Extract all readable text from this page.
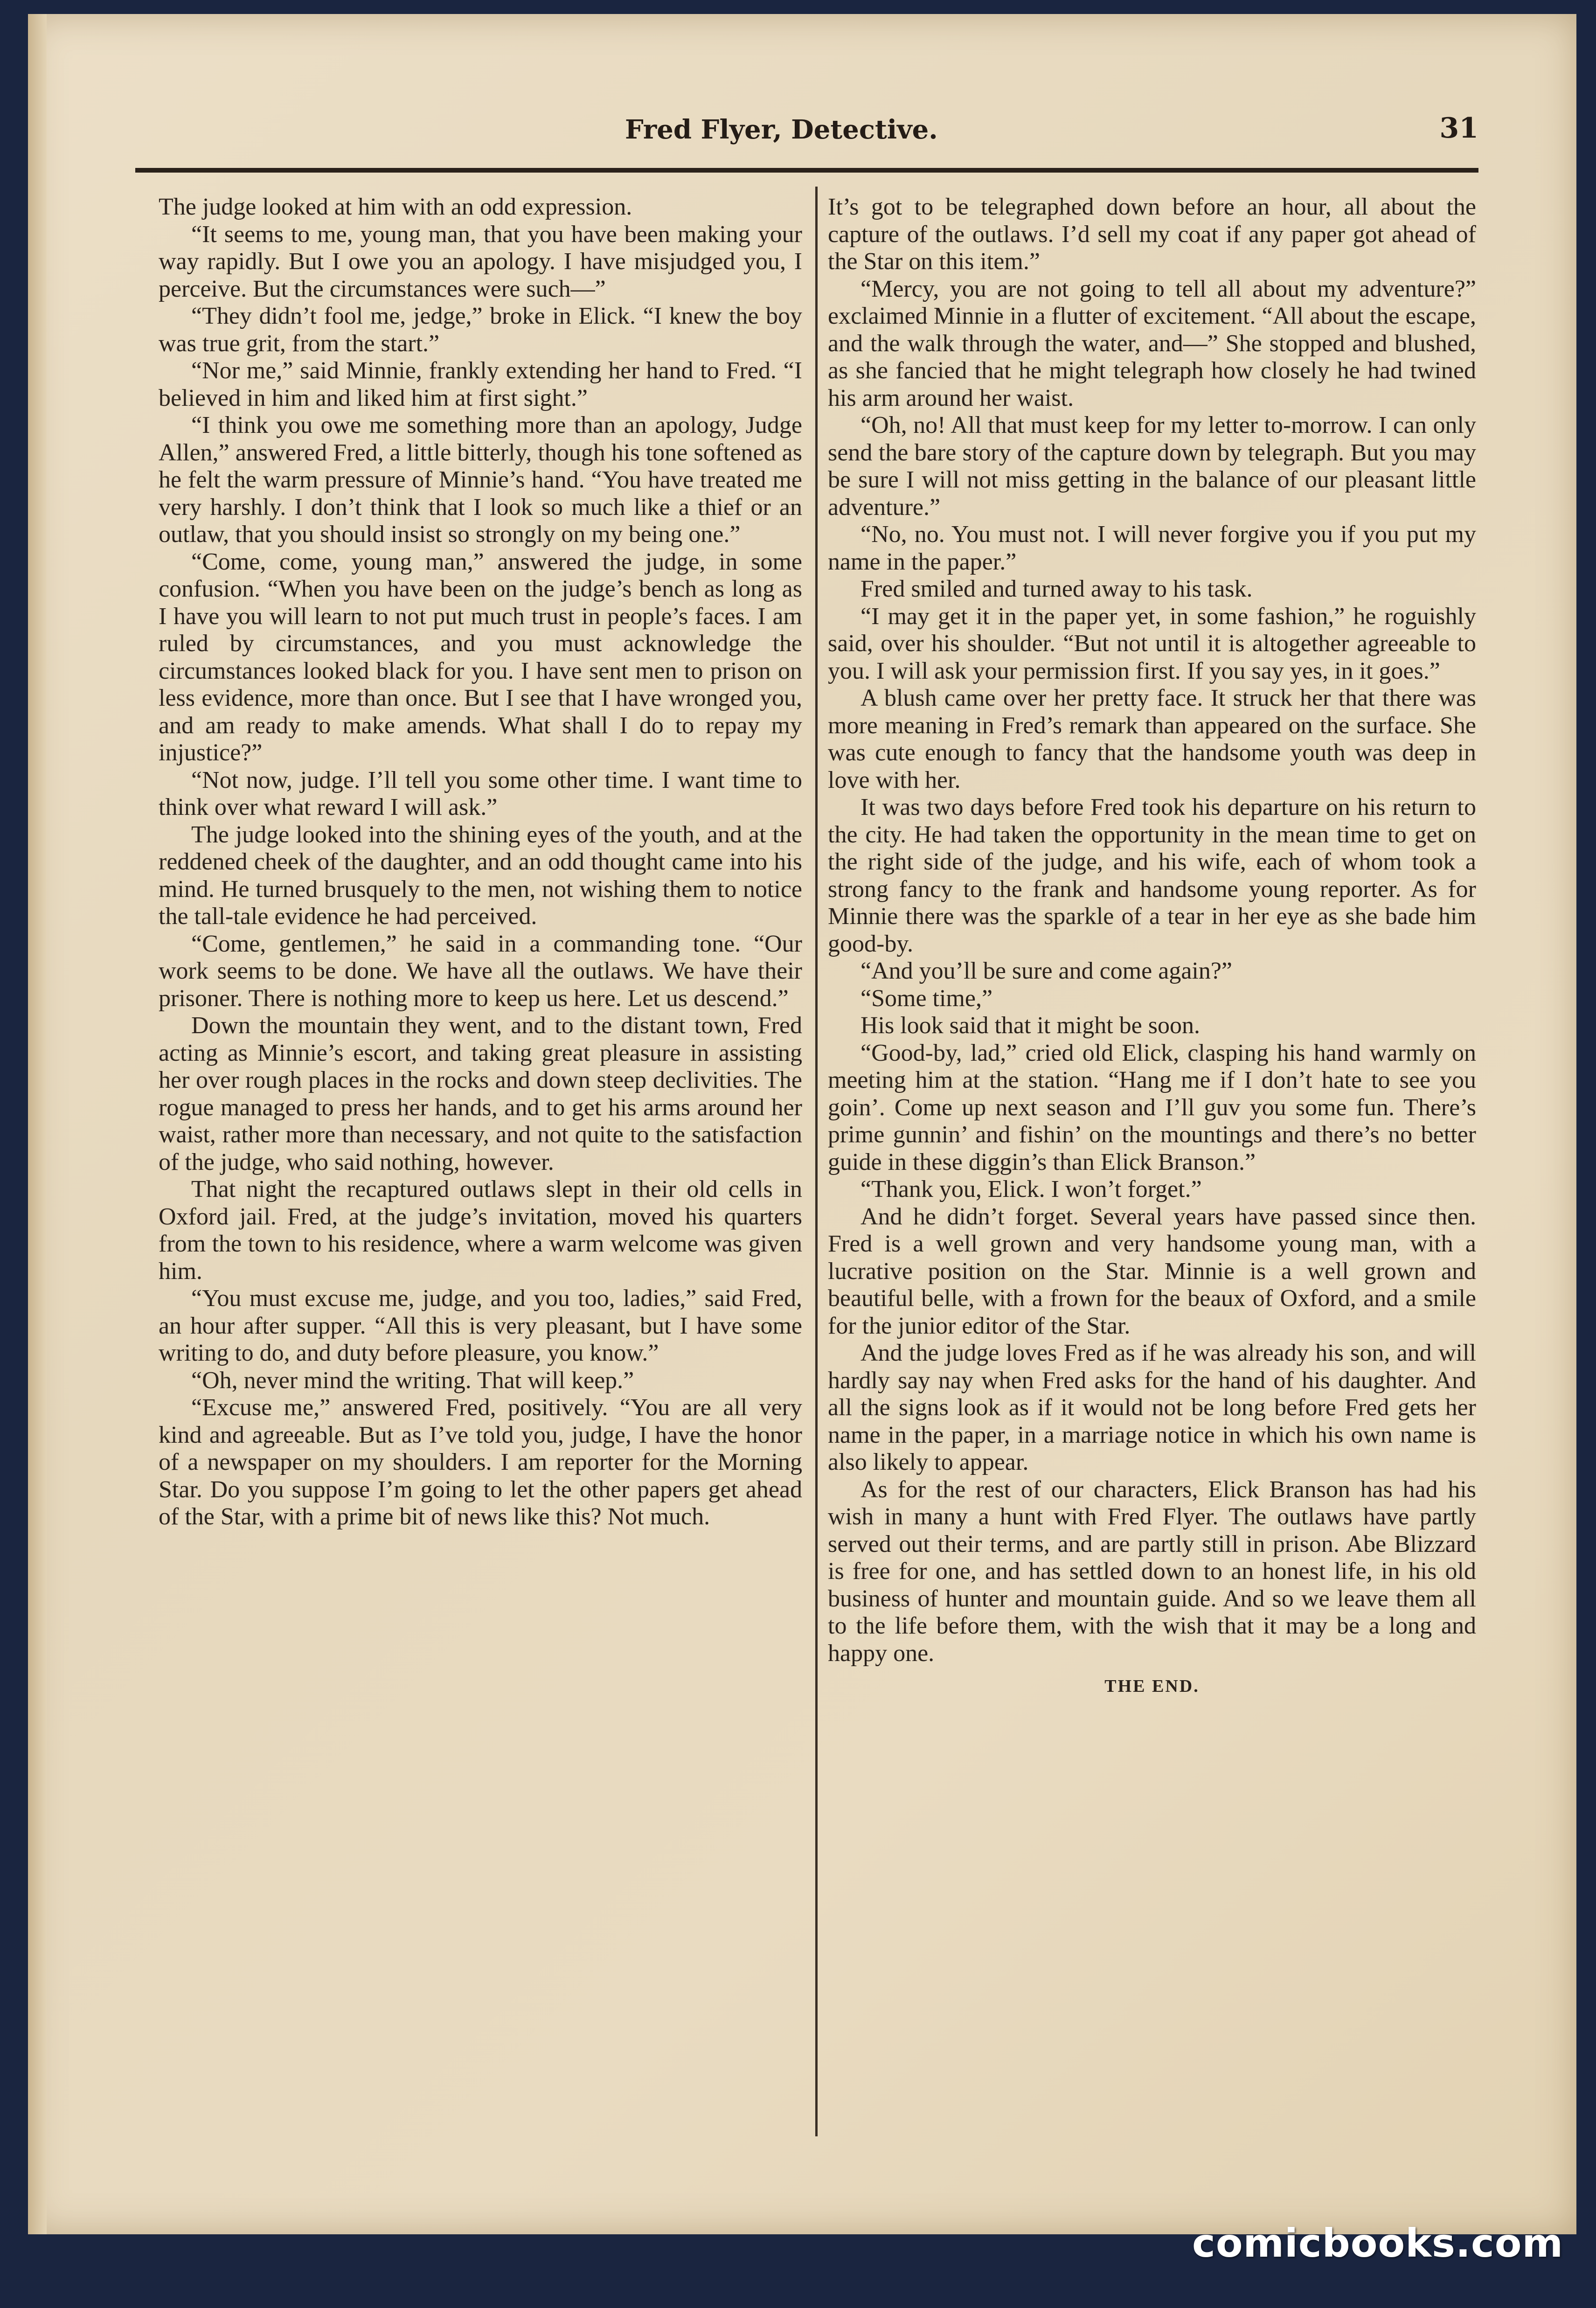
Fred Flyer, Detective.	31

The judge looked at him with an odd expression.

“It seems to me, young man, that you have been making your way rapidly. But I owe you an apology. I have misjudged you, I perceive. But the circumstances were such—”

“They didn’t fool me, jedge,” broke in Elick. “I knew the boy was true grit, from the start.”

“Nor me,” said Minnie, frankly extending her hand to Fred. “I believed in him and liked him at first sight.”

“I think you owe me something more than an apology, Judge Allen,” answered Fred, a little bitterly, though his tone softened as he felt the warm pressure of Minnie’s hand. “You have treated me very harshly. I don’t think that I look so much like a thief or an outlaw, that you should insist so strongly on my being one.”

“Come, come, young man,” answered the judge, in some confusion. “When you have been on the judge’s bench as long as I have you will learn to not put much trust in people’s faces. I am ruled by circumstances, and you must acknowledge the circumstances looked black for you. I have sent men to prison on less evidence, more than once. But I see that I have wronged you, and am ready to make amends. What shall I do to repay my injustice?”

“Not now, judge. I’ll tell you some other time. I want time to think over what reward I will ask.”

The judge looked into the shining eyes of the youth, and at the reddened cheek of the daughter, and an odd thought came into his mind. He turned brusquely to the men, not wishing them to notice the tall-tale evidence he had perceived.

“Come, gentlemen,” he said in a commanding tone. “Our work seems to be done. We have all the outlaws. We have their prisoner. There is nothing more to keep us here. Let us descend.”

Down the mountain they went, and to the distant town, Fred acting as Minnie’s escort, and taking great pleasure in assisting her over rough places in the rocks and down steep declivities. The rogue managed to press her hands, and to get his arms around her waist, rather more than necessary, and not quite to the satisfaction of the judge, who said nothing, however.

That night the recaptured outlaws slept in their old cells in Oxford jail. Fred, at the judge’s invitation, moved his quarters from the town to his residence, where a warm welcome was given him.

“You must excuse me, judge, and you too, ladies,” said Fred, an hour after supper. “All this is very pleasant, but I have some writing to do, and duty before pleasure, you know.”

“Oh, never mind the writing. That will keep.”

“Excuse me,” answered Fred, positively. “You are all very kind and agreeable. But as I’ve told you, judge, I have the honor of a newspaper on my shoulders. I am reporter for the Morning Star. Do you suppose I’m going to let the other papers get ahead of the Star, with a prime bit of news like this? Not much.

It’s got to be telegraphed down before an hour, all about the capture of the outlaws. I’d sell my coat if any paper got ahead of the Star on this item.”

“Mercy, you are not going to tell all about my adventure?” exclaimed Minnie in a flutter of excitement. “All about the escape, and the walk through the water, and—” She stopped and blushed, as she fancied that he might telegraph how closely he had twined his arm around her waist.

“Oh, no! All that must keep for my letter to-morrow. I can only send the bare story of the capture down by telegraph. But you may be sure I will not miss getting in the balance of our pleasant little adventure.”

“No, no. You must not. I will never forgive you if you put my name in the paper.”

Fred smiled and turned away to his task.

“I may get it in the paper yet, in some fashion,” he roguishly said, over his shoulder. “But not until it is altogether agreeable to you. I will ask your permission first. If you say yes, in it goes.”

A blush came over her pretty face. It struck her that there was more meaning in Fred’s remark than appeared on the surface. She was cute enough to fancy that the handsome youth was deep in love with her.

It was two days before Fred took his departure on his return to the city. He had taken the opportunity in the mean time to get on the right side of the judge, and his wife, each of whom took a strong fancy to the frank and handsome young reporter. As for Minnie there was the sparkle of a tear in her eye as she bade him good-by.

“And you’ll be sure and come again?”

“Some time,”

His look said that it might be soon.

“Good-by, lad,” cried old Elick, clasping his hand warmly on meeting him at the station. “Hang me if I don’t hate to see you goin’. Come up next season and I’ll guv you some fun. There’s prime gunnin’ and fishin’ on the mountings and there’s no better guide in these diggin’s than Elick Branson.”

“Thank you, Elick. I won’t forget.”

And he didn’t forget. Several years have passed since then. Fred is a well grown and very handsome young man, with a lucrative position on the Star. Minnie is a well grown and beautiful belle, with a frown for the beaux of Oxford, and a smile for the junior editor of the Star.

And the judge loves Fred as if he was already his son, and will hardly say nay when Fred asks for the hand of his daughter. And all the signs look as if it would not be long before Fred gets her name in the paper, in a marriage notice in which his own name is also likely to appear.

As for the rest of our characters, Elick Branson has had his wish in many a hunt with Fred Flyer. The outlaws have partly served out their terms, and are partly still in prison. Abe Blizzard is free for one, and has settled down to an honest life, in his old business of hunter and mountain guide. And so we leave them all to the life before them, with the wish that it may be a long and happy one.

THE END.
comicbooks.com
